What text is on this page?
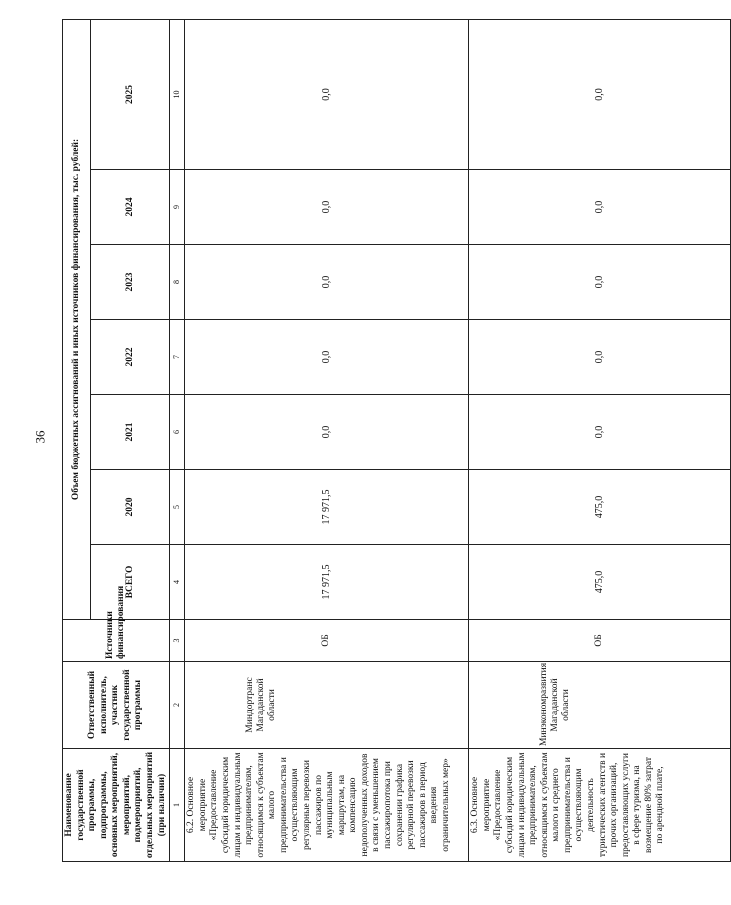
36
Наименование государственной программы, подпрограммы, основных мероприятий, мероприятий, подмероприятий, отдельных мероприятий (при наличии)	Ответственный исполнитель, участник государственной программы	Источники финансирования	Объем бюджетных ассигнований и иных источников финансирования, тыс. рублей:						
			ВСЕГО	2020	2021	2022	2023	2024	2025
1	2	3	4	5	6	7	8	9	10
6.2. Основное мероприятие «Предоставление субсидий юридическим лицам и индивидуальным предпринимателям, относящимся к субъектам малого предпринимательства и осуществляющим регулярные перевозки пассажиров по муниципальным маршрутам, на компенсацию недополученных доходов в связи с уменьшением пассажиропотока при сохранении графика регулярной перевозки пассажиров в период введения ограничительных мер»	Миндортранс Магаданской области	ОБ	17 971,5	17 971,5	0,0	0,0	0,0	0,0	0,0
6.3. Основное мероприятие «Предоставление субсидий юридическим лицам и индивидуальным предпринимателям, относящимся к субъектам малого и среднего предпринимательства и осуществляющим деятельность туристических агентств и прочих организаций, предоставляющих услуги в сфере туризма, на возмещение 80% затрат по арендной плате,	Минэкономразвития Магаданской области	ОБ	475,0	475,0	0,0	0,0	0,0	0,0	0,0
